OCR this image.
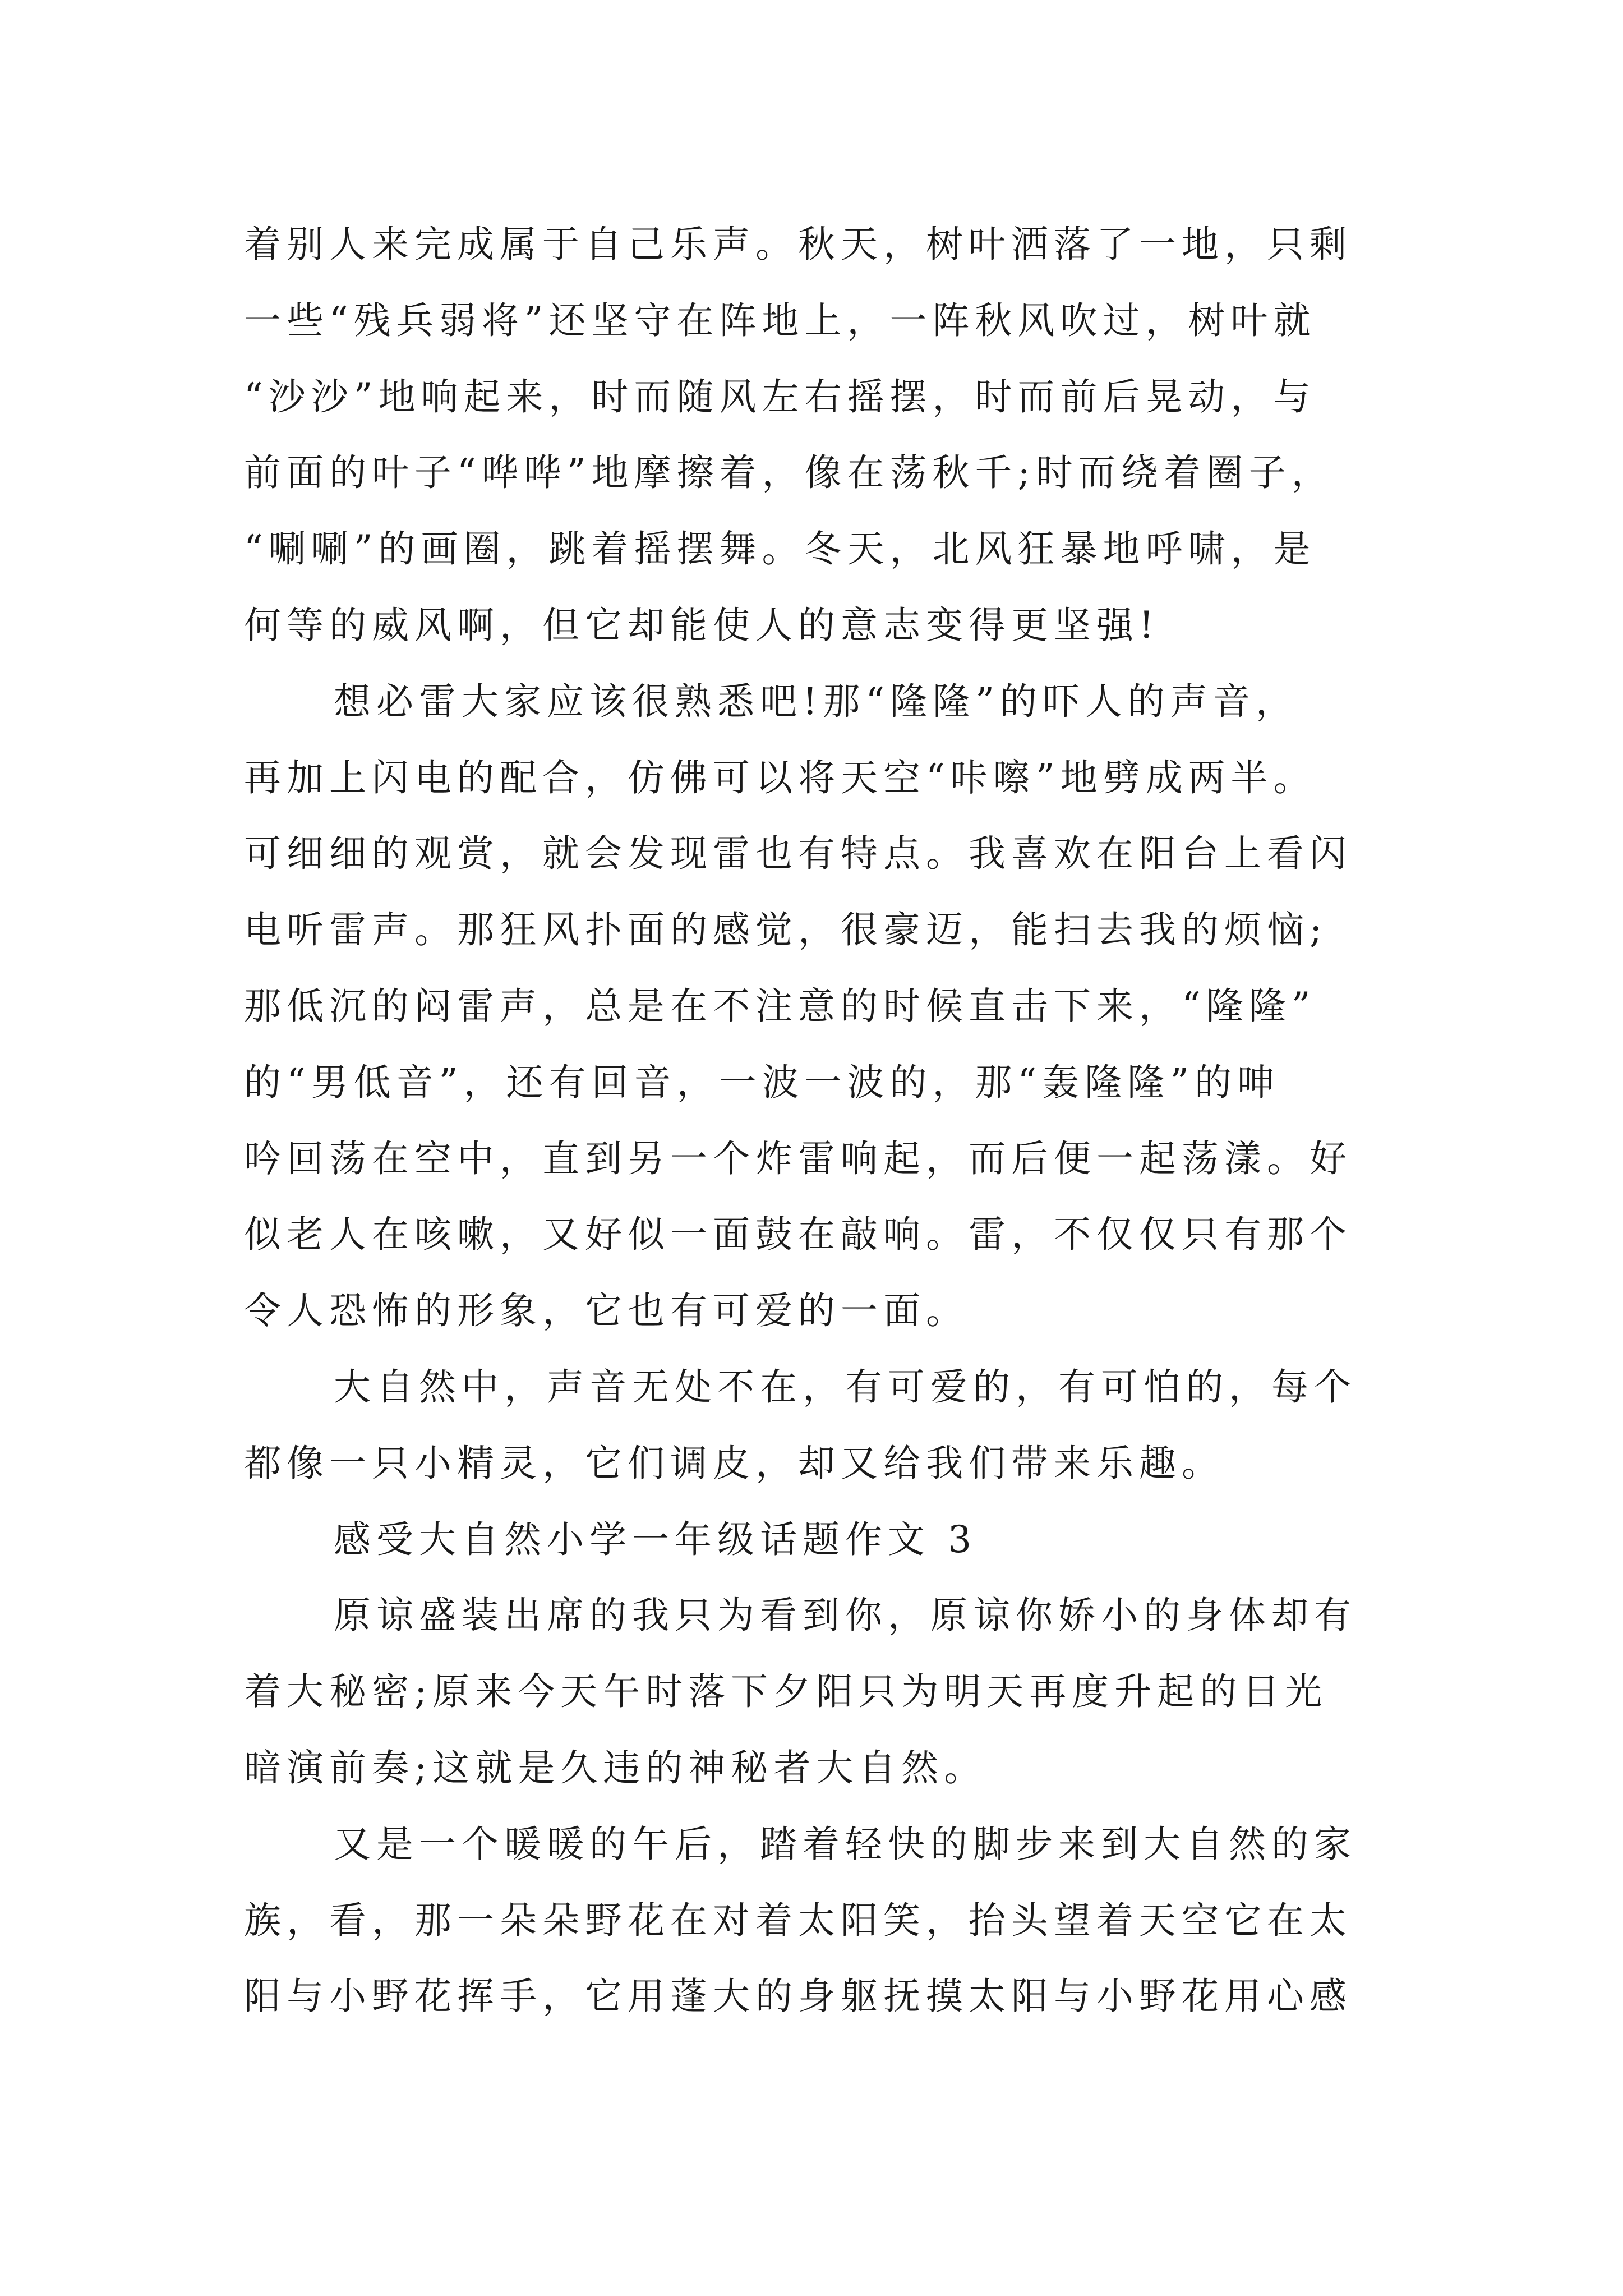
着别人来完成属于自己乐声。秋天，树叶洒落了一地，只剩
一些“残兵弱将”还坚守在阵地上，一阵秋风吹过，树叶就
“沙沙”地响起来，时而随风左右摇摆，时而前后晃动，与
前面的叶子“哗哗”地摩擦着，像在荡秋千;时而绕着圈子，
“唰唰”的画圈，跳着摇摆舞。冬天，北风狂暴地呼啸，是
何等的威风啊，但它却能使人的意志变得更坚强!
想必雷大家应该很熟悉吧!那“隆隆”的吓人的声音，
再加上闪电的配合，仿佛可以将天空“咔嚓”地劈成两半。
可细细的观赏，就会发现雷也有特点。我喜欢在阳台上看闪
电听雷声。那狂风扑面的感觉，很豪迈，能扫去我的烦恼;
那低沉的闷雷声，总是在不注意的时候直击下来，“隆隆”
的“男低音”，还有回音，一波一波的，那“轰隆隆”的呻
吟回荡在空中，直到另一个炸雷响起，而后便一起荡漾。好
似老人在咳嗽，又好似一面鼓在敲响。雷，不仅仅只有那个
令人恐怖的形象，它也有可爱的一面。
大自然中，声音无处不在，有可爱的，有可怕的，每个
都像一只小精灵，它们调皮，却又给我们带来乐趣。
感受大自然小学一年级话题作文 3
原谅盛装出席的我只为看到你，原谅你娇小的身体却有
着大秘密;原来今天午时落下夕阳只为明天再度升起的日光
暗演前奏;这就是久违的神秘者大自然。
又是一个暖暖的午后，踏着轻快的脚步来到大自然的家
族，看，那一朵朵野花在对着太阳笑，抬头望着天空它在太
阳与小野花挥手，它用蓬大的身躯抚摸太阳与小野花用心感
